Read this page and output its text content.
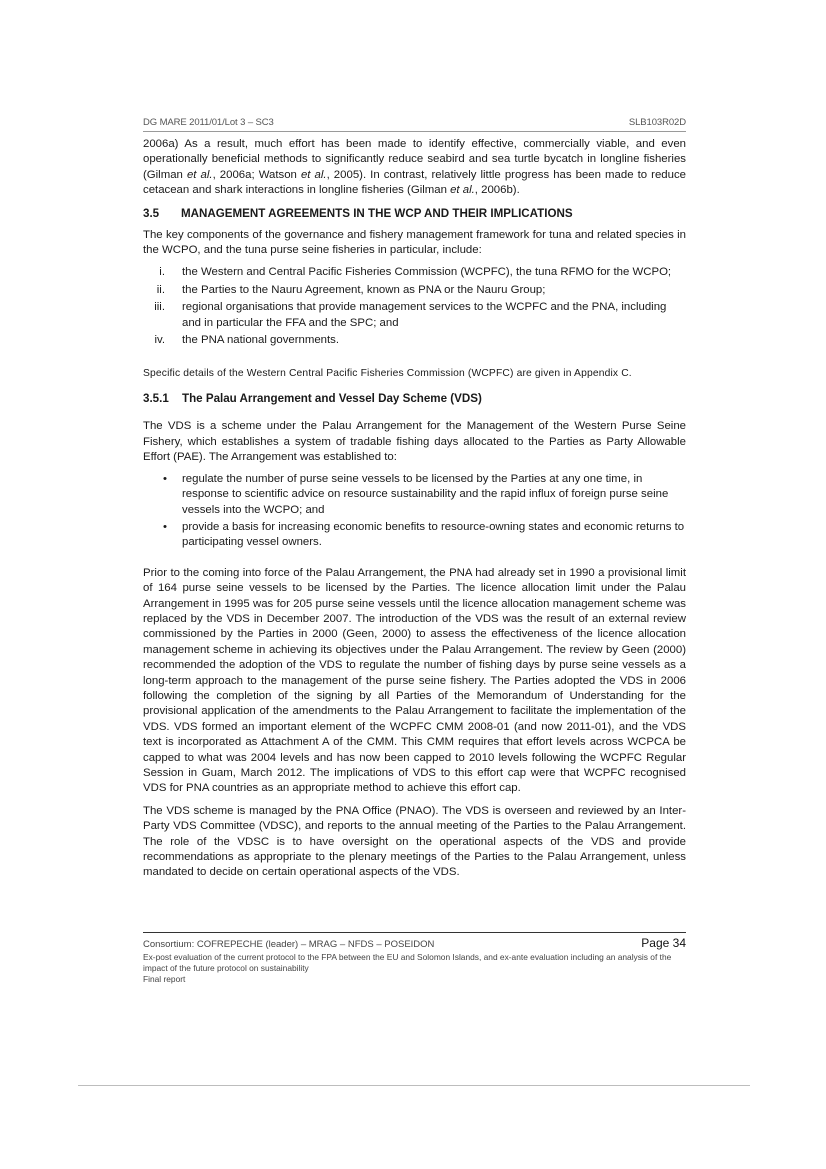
DG MARE 2011/01/Lot 3 – SC3	SLB103R02D

2006a) As a result, much effort has been made to identify effective, commercially viable, and even operationally beneficial methods to significantly reduce seabird and sea turtle bycatch in longline fisheries (Gilman et al., 2006a; Watson et al., 2005). In contrast, relatively little progress has been made to reduce cetacean and shark interactions in longline fisheries (Gilman et al., 2006b).

3.5 MANAGEMENT AGREEMENTS IN THE WCP AND THEIR IMPLICATIONS

The key components of the governance and fishery management framework for tuna and related species in the WCPO, and the tuna purse seine fisheries in particular, include:

i. the Western and Central Pacific Fisheries Commission (WCPFC), the tuna RFMO for the WCPO;
ii. the Parties to the Nauru Agreement, known as PNA or the Nauru Group;
iii. regional organisations that provide management services to the WCPFC and the PNA, including and in particular the FFA and the SPC; and
iv. the PNA national governments.

Specific details of the Western Central Pacific Fisheries Commission (WCPFC) are given in Appendix C.

3.5.1 The Palau Arrangement and Vessel Day Scheme (VDS)

The VDS is a scheme under the Palau Arrangement for the Management of the Western Purse Seine Fishery, which establishes a system of tradable fishing days allocated to the Parties as Party Allowable Effort (PAE). The Arrangement was established to:

• regulate the number of purse seine vessels to be licensed by the Parties at any one time, in response to scientific advice on resource sustainability and the rapid influx of foreign purse seine vessels into the WCPO; and
• provide a basis for increasing economic benefits to resource-owning states and economic returns to participating vessel owners.

Prior to the coming into force of the Palau Arrangement, the PNA had already set in 1990 a provisional limit of 164 purse seine vessels to be licensed by the Parties. The licence allocation limit under the Palau Arrangement in 1995 was for 205 purse seine vessels until the licence allocation management scheme was replaced by the VDS in December 2007. The introduction of the VDS was the result of an external review commissioned by the Parties in 2000 (Geen, 2000) to assess the effectiveness of the licence allocation management scheme in achieving its objectives under the Palau Arrangement. The review by Geen (2000) recommended the adoption of the VDS to regulate the number of fishing days by purse seine vessels as a long-term approach to the management of the purse seine fishery. The Parties adopted the VDS in 2006 following the completion of the signing by all Parties of the Memorandum of Understanding for the provisional application of the amendments to the Palau Arrangement to facilitate the implementation of the VDS. VDS formed an important element of the WCPFC CMM 2008-01 (and now 2011-01), and the VDS text is incorporated as Attachment A of the CMM. This CMM requires that effort levels across WCPCA be capped to what was 2004 levels and has now been capped to 2010 levels following the WCPFC Regular Session in Guam, March 2012. The implications of VDS to this effort cap were that WCPFC recognised VDS for PNA countries as an appropriate method to achieve this effort cap.

The VDS scheme is managed by the PNA Office (PNAO). The VDS is overseen and reviewed by an Inter-Party VDS Committee (VDSC), and reports to the annual meeting of the Parties to the Palau Arrangement. The role of the VDSC is to have oversight on the operational aspects of the VDS and provide recommendations as appropriate to the plenary meetings of the Parties to the Palau Arrangement, unless mandated to decide on certain operational aspects of the VDS.

Consortium: COFREPECHE (leader) – MRAG – NFDS – POSEIDON	Page 34
Ex-post evaluation of the current protocol to the FPA between the EU and Solomon Islands, and ex-ante evaluation including an analysis of the impact of the future protocol on sustainability
Final report
